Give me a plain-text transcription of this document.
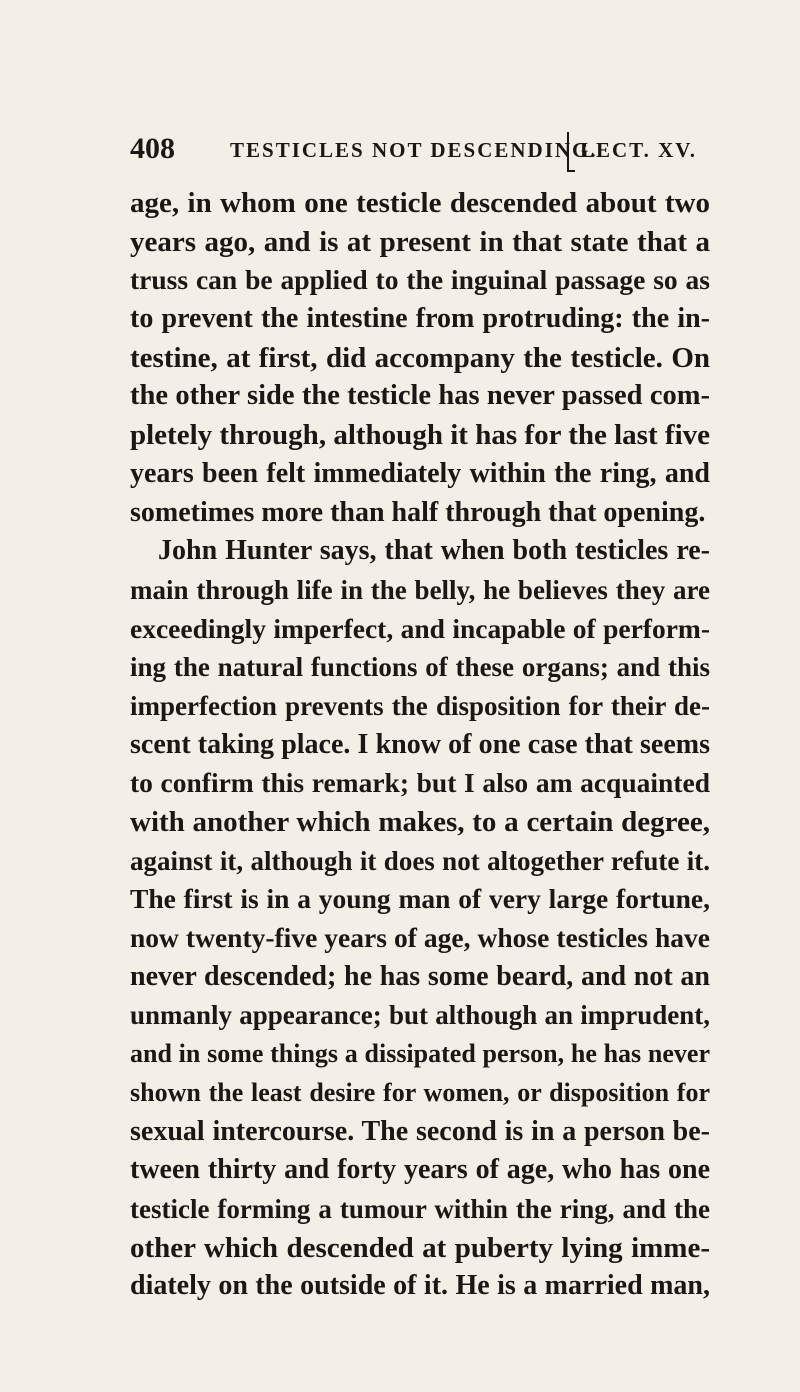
408	TESTICLES NOT DESCENDING.
LECT. XV.
age, in whom one testicle descended about two
years ago, and is at present in that state that a
truss can be applied to the inguinal passage so as
to prevent the intestine from protruding: the in-
testine, at first, did accompany the testicle. On
the other side the testicle has never passed com-
pletely through, although it has for the last five
years been felt immediately within the ring, and
sometimes more than half through that opening.
John Hunter says, that when both testicles re-
main through life in the belly, he believes they are
exceedingly imperfect, and incapable of perform-
ing the natural functions of these organs; and this
imperfection prevents the disposition for their de-
scent taking place. I know of one case that seems
to confirm this remark; but I also am acquainted
with another which makes, to a certain degree,
against it, although it does not altogether refute it.
The first is in a young man of very large fortune,
now twenty-five years of age, whose testicles have
never descended; he has some beard, and not an
unmanly appearance; but although an imprudent,
and in some things a dissipated person, he has never
shown the least desire for women, or disposition for
sexual intercourse. The second is in a person be-
tween thirty and forty years of age, who has one
testicle forming a tumour within the ring, and the
other which descended at puberty lying imme-
diately on the outside of it. He is a married man,
